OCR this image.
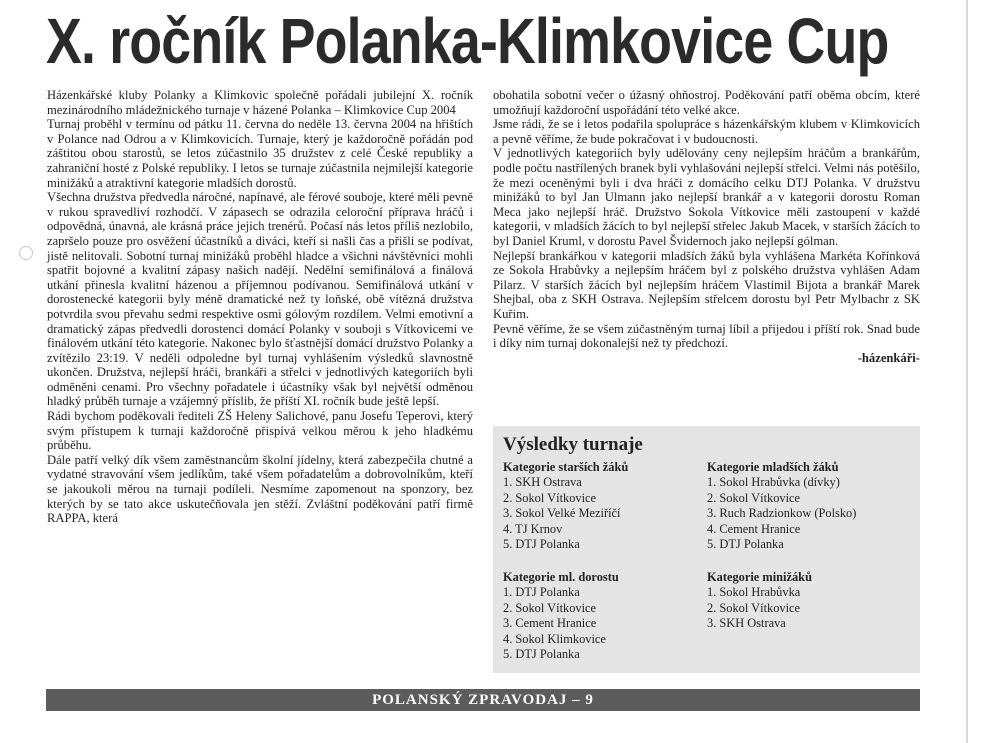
X. ročník Polanka-Klimkovice Cup

Házenkářské kluby Polanky a Klimkovic společně pořádali jubilejní X. ročník mezinárodního mládežnického turnaje v házené Polanka – Klimkovice Cup 2004

Turnaj proběhl v termínu od pátku 11. června do neděle 13. června 2004 na hřištích v Polance nad Odrou a v Klimkovicích. Turnaje, který je každoročně pořádán pod záštitou obou starostů, se letos zúčastnilo 35 družstev z celé České republiky a zahraniční hosté z Polské republiky. I letos se turnaje zúčastnila nejmilejší kategorie minižáků a atraktivní kategorie mladších dorostů.

Všechna družstva předvedla náročné, napínavé, ale férové souboje, které měli pevně v rukou spravedliví rozhodčí. V zápasech se odrazila celoroční příprava hráčů i odpovědná, únavná, ale krásná práce jejich trenérů. Počasí nás letos příliš nezlobilo, zapršelo pouze pro osvěžení účastníků a diváci, kteří si našli čas a přišli se podívat, jistě nelitovali. Sobotní turnaj minižáků proběhl hladce a všichni návštěvníci mohli spatřit bojovné a kvalitní zápasy našich nadějí. Nedělní semifinálová a finálová utkání přinesla kvalitní házenou a příjemnou podívanou. Semifinálová utkání v dorostenecké kategorii byly méně dramatické než ty loňské, obě vítězná družstva potvrdila svou převahu sedmi respektive osmi gólovým rozdílem. Velmi emotivní a dramatický zápas předvedli dorostenci domácí Polanky v souboji s Vítkovicemi ve finálovém utkání této kategorie. Nakonec bylo šťastnější domácí družstvo Polanky a zvítězilo 23:19. V neděli odpoledne byl turnaj vyhlášením výsledků slavnostně ukončen. Družstva, nejlepší hráči, brankáři a střelci v jednotlivých kategoriích byli odměněni cenami. Pro všechny pořadatele i účastníky však byl největší odměnou hladký průběh turnaje a vzájemný příslib, že příští XI. ročník bude ještě lepší.

Rádi bychom poděkovali řediteli ZŠ Heleny Salichové, panu Josefu Teperovi, který svým přístupem k turnaji každoročně přispívá velkou měrou k jeho hladkému průběhu.

Dále patří velký dík všem zaměstnancům školní jídelny, která zabezpečila chutné a vydatné stravování všem jedlíkům, také všem pořadatelům a dobrovolníkům, kteří se jakoukoli měrou na turnaji podíleli. Nesmíme zapomenout na sponzory, bez kterých by se tato akce uskutečňovala jen stěží. Zvláštní poděkování patří firmě RAPPA, která

obohatila sobotní večer o úžasný ohňostroj. Poděkování patří oběma obcím, které umožňují každoroční uspořádání této velké akce.

Jsme rádi, že se i letos podařila spolupráce s házenkářským klubem v Klimkovicích a pevně věříme, že bude pokračovat i v budoucnosti.

V jednotlivých kategoriích byly udělovány ceny nejlepším hráčům a brankářům, podle počtu nastřílených branek byli vyhlašováni nejlepší střelci. Velmi nás potěšilo, že mezi oceněnými byli i dva hráči z domácího celku DTJ Polanka. V družstvu minižáků to byl Jan Ulmann jako nejlepší brankář a v kategorii dorostu Roman Meca jako nejlepší hráč. Družstvo Sokola Vítkovice měli zastoupení v každé kategorii, v mladších žácích to byl nejlepší střelec Jakub Macek, v starších žácích to byl Daniel Kruml, v dorostu Pavel Švidernoch jako nejlepší gólman.

Nejlepší brankářkou v kategorii mladších žáků byla vyhlášena Markéta Kořínková ze Sokola Hrabůvky a nejlepším hráčem byl z polského družstva vyhlášen Adam Pilarz. V starších žácích byl nejlepším hráčem Vlastimil Bijota a brankář Marek Shejbal, oba z SKH Ostrava. Nejlepším střelcem dorostu byl Petr Mylbachr z SK Kuřim.

Pevně věříme, že se všem zúčastněným turnaj líbil a přijedou i příští rok. Snad bude i díky nim turnaj dokonalejší než ty předchozí.

-házenkáři-

Výsledky turnaje
Kategorie starších žáků
1. SKH Ostrava
2. Sokol Vítkovice
3. Sokol Velké Meziříčí
4. TJ Krnov
5. DTJ Polanka
Kategorie mladších žáků
1. Sokol Hrabůvka (dívky)
2. Sokol Vítkovice
3. Ruch Radzionkow (Polsko)
4. Cement Hranice
5. DTJ Polanka
Kategorie ml. dorostu
1. DTJ Polanka
2. Sokol Vítkovice
3. Cement Hranice
4. Sokol Klimkovice
5. DTJ Polanka
Kategorie minižáků
1. Sokol Hrabůvka
2. Sokol Vítkovice
3. SKH Ostrava
POLANSKÝ ZPRAVODAJ – 9
